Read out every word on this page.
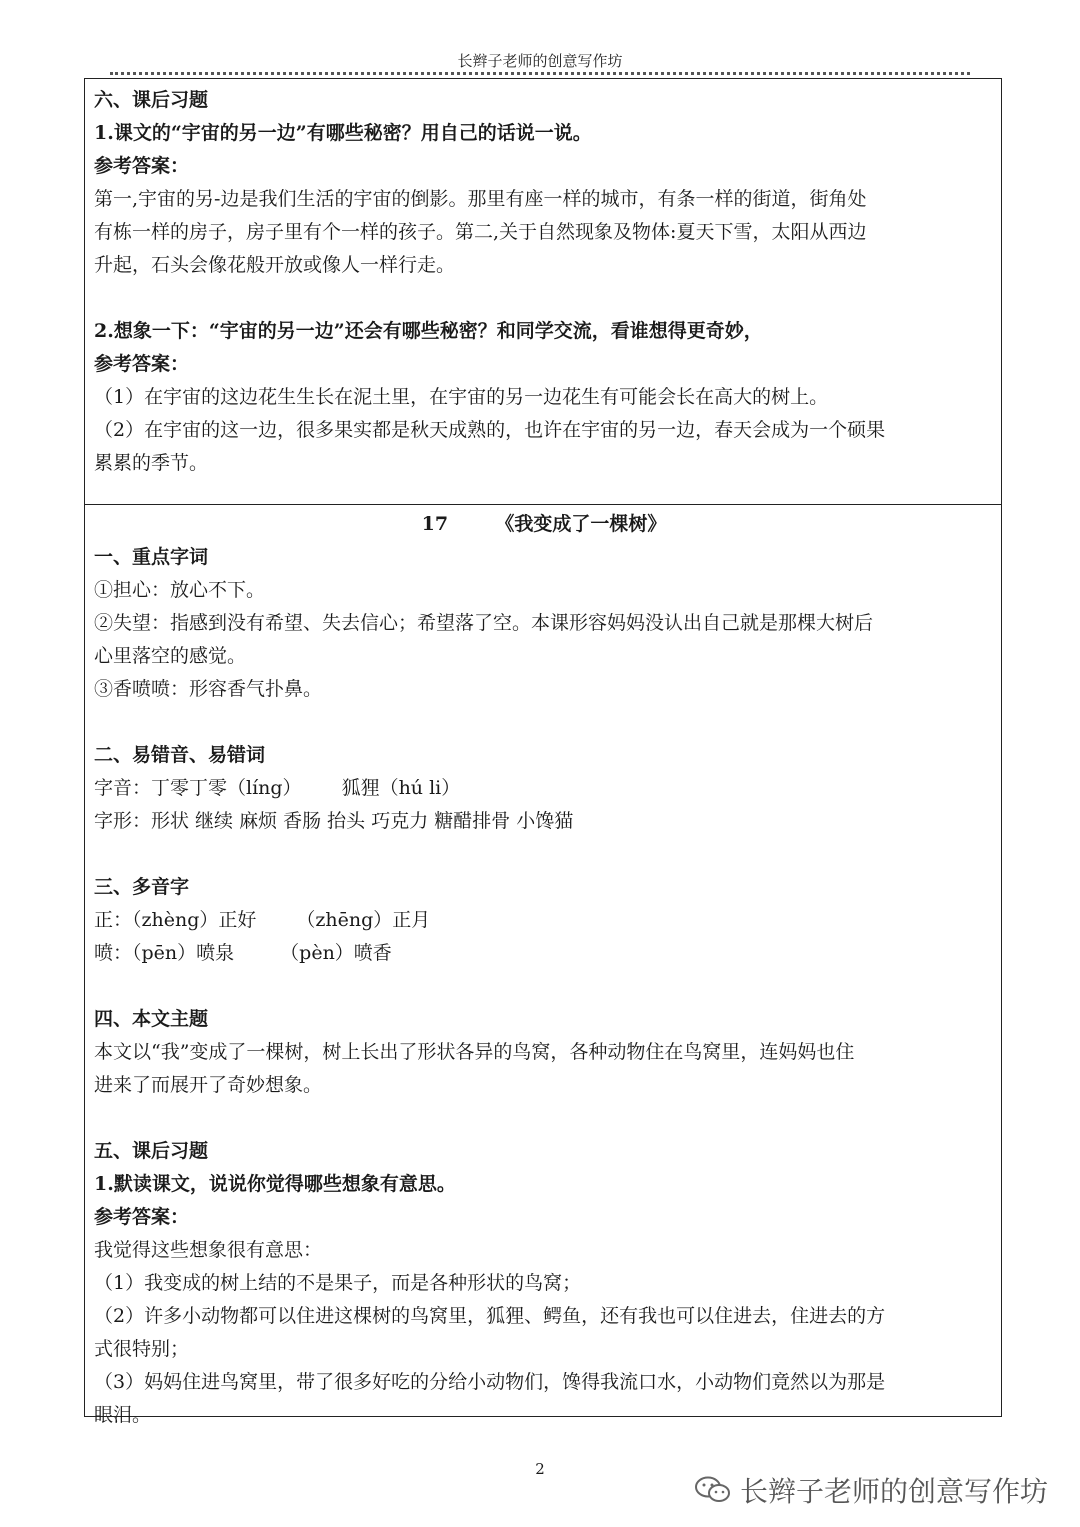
长辫子老师的创意写作坊

六、课后习题

1.课文的“宇宙的另一边”有哪些秘密？用自己的话说一说。

参考答案：

第一,宇宙的另-边是我们生活的宇宙的倒影。那里有座一样的城市，有条一样的街道，街角处

有栋一样的房子，房子里有个一样的孩子。第二,关于自然现象及物体:夏天下雪，太阳从西边

升起，石头会像花般开放或像人一样行走。

2.想象一下：“宇宙的另一边”还会有哪些秘密？和同学交流，看谁想得更奇妙，

参考答案：

（1）在宇宙的这边花生生长在泥土里，在宇宙的另一边花生有可能会长在高大的树上。

（2）在宇宙的这一边，很多果实都是秋天成熟的，也许在宇宙的另一边，春天会成为一个硕果

累累的季节。

17 《我变成了一棵树》

一、重点字词

①担心：放心不下。

②失望：指感到没有希望、失去信心；希望落了空。本课形容妈妈没认出自己就是那棵大树后

心里落空的感觉。

③香喷喷：形容香气扑鼻。

二、易错音、易错词

字音：丁零丁零（líng） 狐狸（hú li）

字形：形状 继续 麻烦 香肠 抬头 巧克力 糖醋排骨 小馋猫

三、多音字

正：（zhèng）正好 （zhēng）正月

喷：（pēn）喷泉 （pèn）喷香

四、本文主题

本文以“我”变成了一棵树，树上长出了形状各异的鸟窝，各种动物住在鸟窝里，连妈妈也住

进来了而展开了奇妙想象。

五、课后习题

1.默读课文，说说你觉得哪些想象有意思。

参考答案：

我觉得这些想象很有意思：

（1）我变成的树上结的不是果子，而是各种形状的鸟窝；

（2）许多小动物都可以住进这棵树的鸟窝里，狐狸、鳄鱼，还有我也可以住进去，住进去的方

式很特别；

（3）妈妈住进鸟窝里，带了很多好吃的分给小动物们，馋得我流口水，小动物们竟然以为那是

眼泪。

2
长辫子老师的创意写作坊
